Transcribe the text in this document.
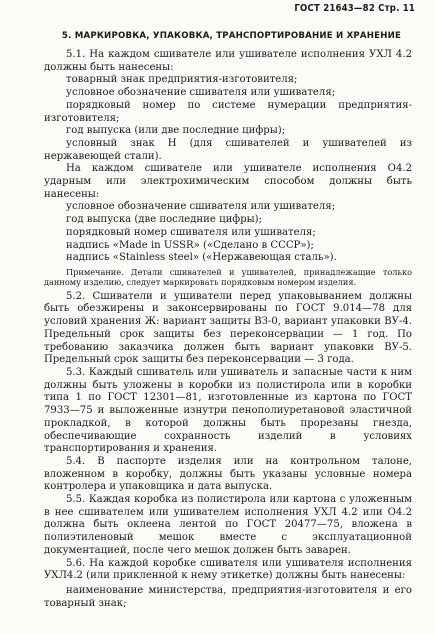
ГОСТ 21643—82 Стр. 11
5. МАРКИРОВКА, УПАКОВКА, ТРАНСПОРТИРОВАНИЕ И ХРАНЕНИЕ

5.1. На каждом сшивателе или ушивателе исполнения УХЛ 4.2 должны быть нанесены:

товарный знак предприятия-изготовителя;

условное обозначение сшивателя или ушивателя;

порядковый номер по системе нумерации предприятия-изготовителя;

год выпуска (или две последние цифры);

условный знак Н (для сшивателей и ушивателей из нержавеющей стали).

На каждом сшивателе или ушивателе исполнения О4.2 ударным или электрохимическим способом должны быть нанесены:

условное обозначение сшивателя или ушивателя;

год выпуска (две последние цифры);

порядковый номер сшивателя или ушивателя;

надпись «Made in USSR» («Сделано в СССР»);

надпись «Stainless steel» («Нержавеющая сталь»).

Примечание. Детали сшивателей и ушивателей, принадлежащие только данному изделию, следует маркировать порядковым номером изделия.

5.2. Сшиватели и ушиватели перед упаковыванием должны быть обезжирены и законсервированы по ГОСТ 9.014—78 для условий хранения Ж: вариант защиты ВЗ-0, вариант упаковки ВУ-4. Предельный срок защиты без переконсервации — 1 год. По требованию заказчика должен быть вариант упаковки ВУ-5. Предельный срок защиты без переконсервации — 3 года.

5.3. Каждый сшиватель или ушиватель и запасные части к ним должны быть уложены в коробки из полистирола или в коробки типа 1 по ГОСТ 12301—81, изготовленные из картона по ГОСТ 7933—75 и выложенные изнутри пенополиуретановой эластичной прокладкой, в которой должны быть прорезаны гнезда, обеспечивающие сохранность изделий в условиях транспортирования и хранения.

5.4. В паспорте изделия или на контрольном талоне, вложенном в коробку, должны быть указаны условные номера контролера и упаковщика и дата выпуска.

5.5. Каждая коробка из полистирола или картона с уложенным в нее сшивателем или ушивателем исполнения УХЛ 4.2 или О4.2 должна быть оклеена лентой по ГОСТ 20477—75, вложена в полиэтиленовый мешок вместе с эксплуатационной документацией, после чего мешок должен быть заварен.

5.6. На каждой коробке сшивателя или ушивателя исполнения УХЛ4.2 (или прикленной к нему этикетке) должны быть нанесены:

наименование министерства, предприятия-изготовителя и его товарный знак;
